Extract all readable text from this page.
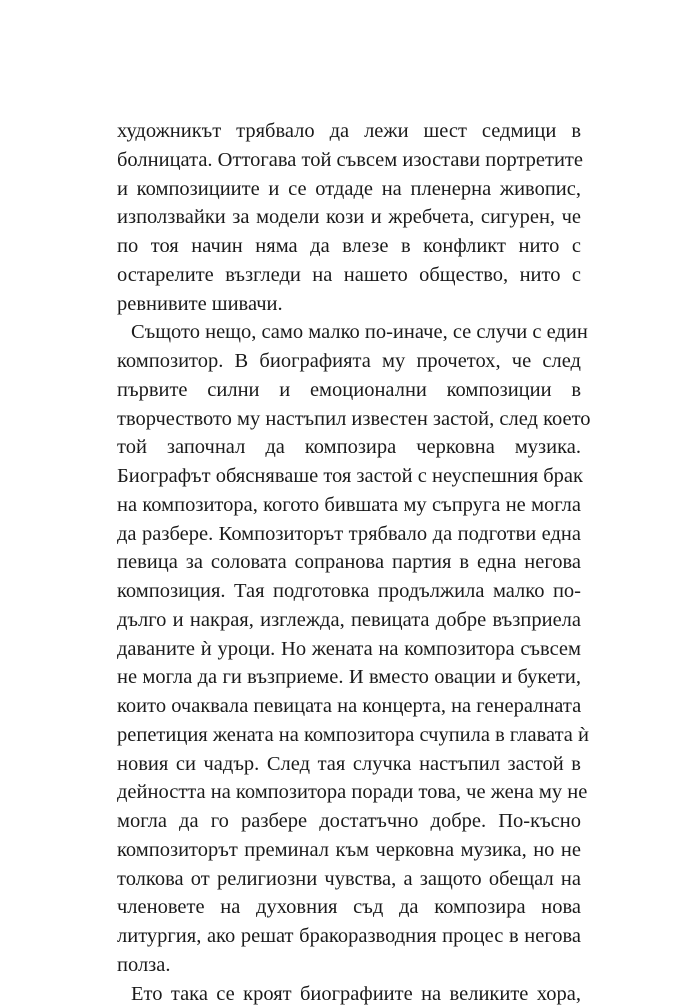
художникът трябвало да лежи шест седмици в
болницата. Оттогава той съвсем изостави портретите
и композициите и се отдаде на пленерна живопис,
използвайки за модели кози и жребчета, сигурен, че
по тоя начин няма да влезе в конфликт нито с
остарелите възгледи на нашето общество, нито с
ревнивите шивачи.
Същото нещо, само малко по-иначе, се случи с един
композитор. В биографията му прочетох, че след
първите силни и емоционални композиции в
творчеството му настъпил известен застой, след което
той започнал да композира черковна музика.
Биографът обясняваше тоя застой с неуспешния брак
на композитора, когото бившата му съпруга не могла
да разбере. Композиторът трябвало да подготви една
певица за соловата сопранова партия в една негова
композиция. Тая подготовка продължила малко по-
дълго и накрая, изглежда, певицата добре възприела
даваните ѝ уроци. Но жената на композитора съвсем
не могла да ги възприеме. И вместо овации и букети,
които очаквала певицата на концерта, на генералната
репетиция жената на композитора счупила в главата ѝ
новия си чадър. След тая случка настъпил застой в
дейността на композитора поради това, че жена му не
могла да го разбере достатъчно добре. По-късно
композиторът преминал към черковна музика, но не
толкова от религиозни чувства, а защото обещал на
членовете на духовния съд да композира нова
литургия, ако решат бракоразводния процес в негова
полза.
Ето така се кроят биографиите на великите хора,
